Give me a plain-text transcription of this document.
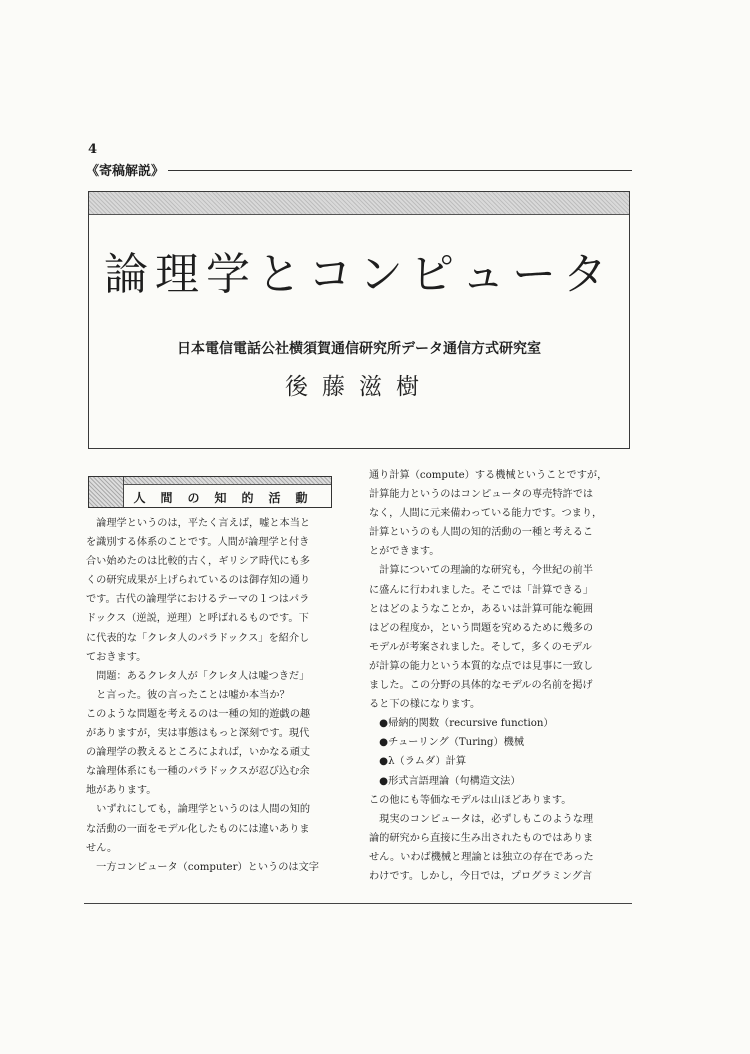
4
《寄稿解説》
論理学とコンピュータ
日本電信電話公社横須賀通信研究所データ通信方式研究室
後藤滋樹
人間の知的活動
　論理学というのは，平たく言えば，嘘と本当と
を識別する体系のことです。人間が論理学と付き
合い始めたのは比較的古く，ギリシア時代にも多
くの研究成果が上げられているのは御存知の通り
です。古代の論理学におけるテーマの１つはパラ
ドックス（逆説，逆理）と呼ばれるものです。下
に代表的な「クレタ人のパラドックス」を紹介し
ておきます。
　問題：あるクレタ人が「クレタ人は嘘つきだ」
　と言った。彼の言ったことは嘘か本当か？
このような問題を考えるのは一種の知的遊戯の趣
がありますが，実は事態はもっと深刻です。現代
の論理学の教えるところによれば，いかなる頑丈
な論理体系にも一種のパラドックスが忍び込む余
地があります。
　いずれにしても，論理学というのは人間の知的
な活動の一面をモデル化したものには違いありま
せん。
　一方コンピュータ（computer）というのは文字
通り計算（compute）する機械ということですが，
計算能力というのはコンピュータの専売特許では
なく，人間に元来備わっている能力です。つまり，
計算というのも人間の知的活動の一種と考えるこ
とができます。
　計算についての理論的な研究も，今世紀の前半
に盛んに行われました。そこでは「計算できる」
とはどのようなことか，あるいは計算可能な範囲
はどの程度か，という問題を究めるために幾多の
モデルが考案されました。そして，多くのモデル
が計算の能力という本質的な点では見事に一致し
ました。この分野の具体的なモデルの名前を掲げ
ると下の様になります。
　●帰納的関数（recursive function）
　●チューリング（Turing）機械
　●λ（ラムダ）計算
　●形式言語理論（句構造文法）
この他にも等価なモデルは山ほどあります。
　現実のコンピュータは，必ずしもこのような理
論的研究から直接に生み出されたものではありま
せん。いわば機械と理論とは独立の存在であった
わけです。しかし，今日では，プログラミング言
